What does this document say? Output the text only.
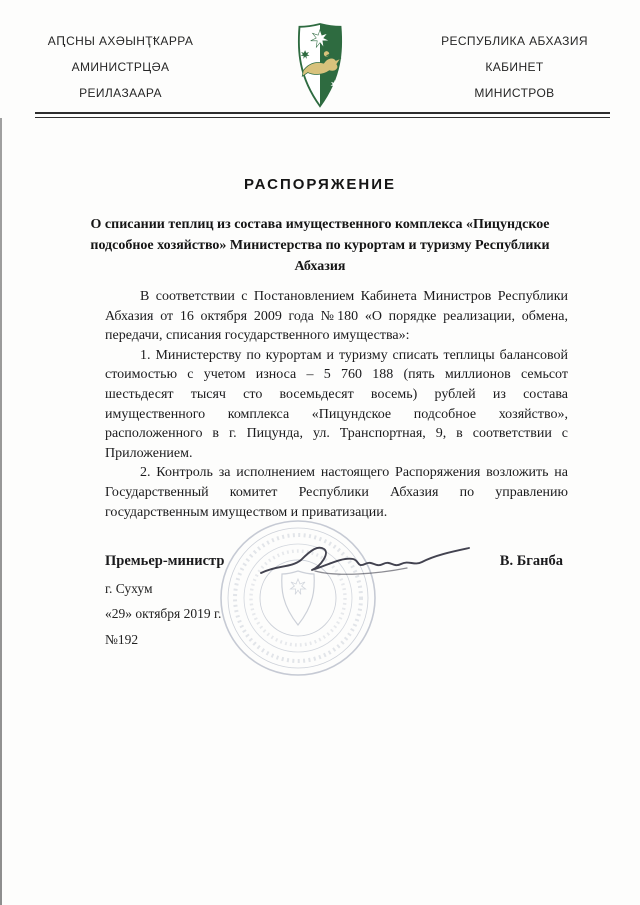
АԤСНЫ АХӘЫНҬҞАРРА
АМИНИСТРЦӘА
РЕИЛАЗААРА
РЕСПУБЛИКА АБХАЗИЯ
КАБИНЕТ
МИНИСТРОВ
РАСПОРЯЖЕНИЕ
О списании теплиц из состава имущественного комплекса «Пицундское подсобное хозяйство» Министерства по курортам и туризму Республики Абхазия

В соответствии с Постановлением Кабинета Министров Республики Абхазия от 16 октября 2009 года №180 «О порядке реализации, обмена, передачи, списания государственного имущества»:

1. Министерству по курортам и туризму списать теплицы балансовой стоимостью с учетом износа – 5 760 188 (пять миллионов семьсот шестьдесят тысяч сто восемьдесят восемь) рублей из состава имущественного комплекса «Пицундское подсобное хозяйство», расположенного в г. Пицунда, ул. Транспортная, 9, в соответствии с Приложением.

2. Контроль за исполнением настоящего Распоряжения возложить на Государственный комитет Республики Абхазия по управлению государственным имуществом и приватизации.

Премьер-министр	В. Бганба
г. Сухум
«29» октября 2019 г.
№192
